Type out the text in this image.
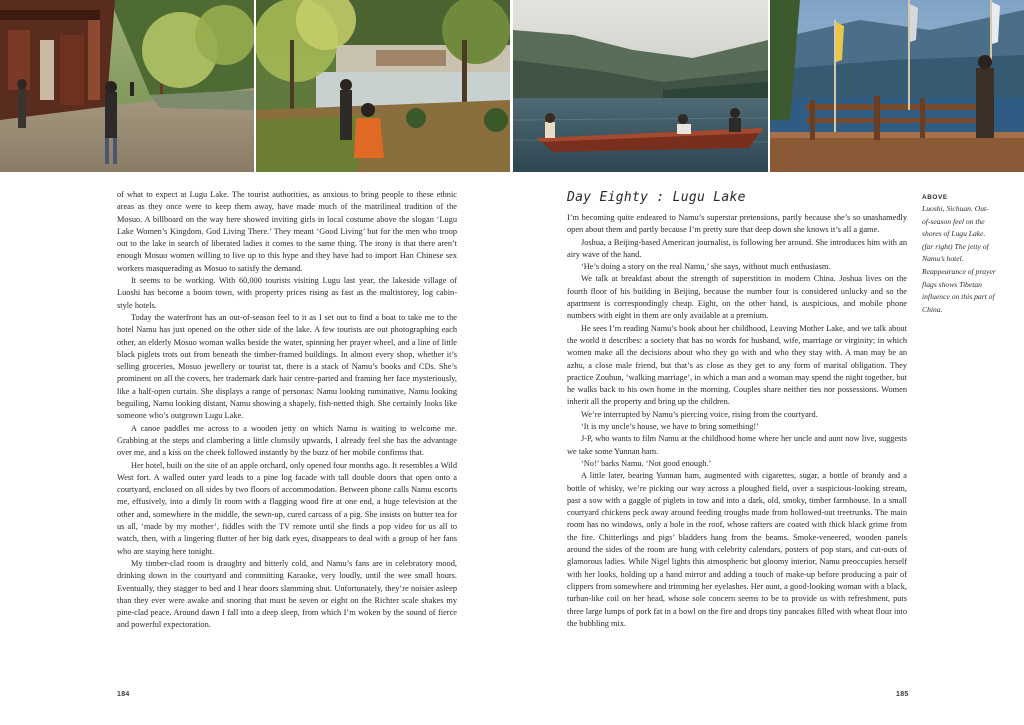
of what to expect at Lugu Lake. The tourist authorities, as anxious to bring people to these ethnic areas as they once were to keep them away, have made much of the matrilineal tradition of the Mosuo. A billboard on the way here showed inviting girls in local costume above the slogan ‘Lugu Lake Women’s Kingdom. God Living There.’ They meant ‘Good Living’ but for the men who troop out to the lake in search of liberated ladies it comes to the same thing. The irony is that there aren’t enough Mosuo women willing to live up to this hype and they have had to import Han Chinese sex workers masquerading as Mosuo to satisfy the demand.

It seems to be working. With 60,000 tourists visiting Lugu last year, the lakeside village of Luoshi has become a boom town, with property prices rising as fast as the multistorey, log cabin-style hotels.

Today the waterfront has an out-of-season feel to it as I set out to find a boat to take me to the hotel Namu has just opened on the other side of the lake. A few tourists are out photographing each other, an elderly Mosuo woman walks beside the water, spinning her prayer wheel, and a line of little black piglets trots out from beneath the timber-framed buildings. In almost every shop, whether it’s selling groceries, Mosuo jewellery or tourist tat, there is a stack of Namu’s books and CDs. She’s prominent on all the covers, her trademark dark hair centre-parted and framing her face mysteriously, like a half-open curtain. She displays a range of personas: Namu looking ruminative, Namu looking beguiling, Namu looking distant, Namu showing a shapely, fish-netted thigh. She certainly looks like someone who’s outgrown Lugu Lake.

A canoe paddles me across to a wooden jetty on which Namu is waiting to welcome me. Grabbing at the steps and clambering a little clumsily upwards, I already feel she has the advantage over me, and a kiss on the cheek followed instantly by the buzz of her mobile confirms that.

Her hotel, built on the site of an apple orchard, only opened four months ago. It resembles a Wild West fort. A walled outer yard leads to a pine log facade with tall double doors that open onto a courtyard, enclosed on all sides by two floors of accommodation. Between phone calls Namu escorts me, effusively, into a dimly lit room with a flagging wood fire at one end, a huge television at the other and, somewhere in the middle, the sewn-up, cured carcass of a pig. She insists on butter tea for us all, ‘made by my mother’, fiddles with the TV remote until she finds a pop video for us all to watch, then, with a lingering flutter of her big dark eyes, disappears to deal with a group of her fans who are staying here tonight.

My timber-clad room is draughty and bitterly cold, and Namu’s fans are in celebratory mood, drinking down in the courtyard and committing Karaoke, very loudly, until the wee small hours. Eventually, they stagger to bed and I hear doors slamming shut. Unfortunately, they’re noisier asleep than they ever were awake and snoring that must be seven or eight on the Richter scale shakes my pine-clad peace. Around dawn I fall into a deep sleep, from which I’m woken by the sound of fierce and powerful expectoration.

Day Eighty : Lugu Lake

I’m becoming quite endeared to Namu’s superstar pretensions, partly because she’s so unashamedly open about them and partly because I’m pretty sure that deep down she knows it’s all a game.

Joshua, a Beijing-based American journalist, is following her around. She introduces him with an airy wave of the hand.

‘He’s doing a story on the real Namu,’ she says, without much enthusiasm.

We talk at breakfast about the strength of superstition in modern China. Joshua lives on the fourth floor of his building in Beijing, because the number four is considered unlucky and so the apartment is correspondingly cheap. Eight, on the other hand, is auspicious, and mobile phone numbers with eight in them are only available at a premium.

He sees I’m reading Namu’s book about her childhood, Leaving Mother Lake, and we talk about the world it describes: a society that has no words for husband, wife, marriage or virginity; in which women make all the decisions about who they go with and who they stay with. A man may be an azhu, a close male friend, but that’s as close as they get to any form of marital obligation. They practice Zouhun, ‘walking marriage’, in which a man and a woman may spend the night together, but he walks back to his own home in the morning. Couples share neither ties nor possessions. Women inherit all the property and bring up the children.

We’re interrupted by Namu’s piercing voice, rising from the courtyard.

‘It is my uncle’s house, we have to bring something!’

J-P, who wants to film Namu at the childhood home where her uncle and aunt now live, suggests we take some Yunnan ham.

‘No!’ barks Namu. ‘Not good enough.’

A little later, bearing Yunnan ham, augmented with cigarettes, sugar, a bottle of brandy and a bottle of whisky, we’re picking our way across a ploughed field, over a suspicious-looking stream, past a sow with a gaggle of piglets in tow and into a dark, old, smoky, timber farmhouse. In a small courtyard chickens peck away around feeding troughs made from hollowed-out treetrunks. The main room has no windows, only a hole in the roof, whose rafters are coated with thick black grime from the fire. Chitterlings and pigs’ bladders hang from the beams. Smoke-veneered, wooden panels around the sides of the room are hung with celebrity calendars, posters of pop stars, and cut-outs of glamorous ladies. While Nigel lights this atmospheric but gloomy interior, Namu preoccupies herself with her looks, holding up a hand mirror and adding a touch of make-up before producing a pair of clippers from somewhere and trimming her eyelashes. Her aunt, a good-looking woman with a black, turban-like coil on her head, whose sole concern seems to be to provide us with refreshment, puts three large lumps of pork fat in a bowl on the fire and drops tiny pancakes filled with wheat flour into the bubbling mix.

ABOVE
Luoshi, Sichuan. Out-of-season feel on the shores of Lugu Lake. (far right) The jetty of Namu’s hotel. Reappearance of prayer flags shows Tibetan influence on this part of China.
184	185
